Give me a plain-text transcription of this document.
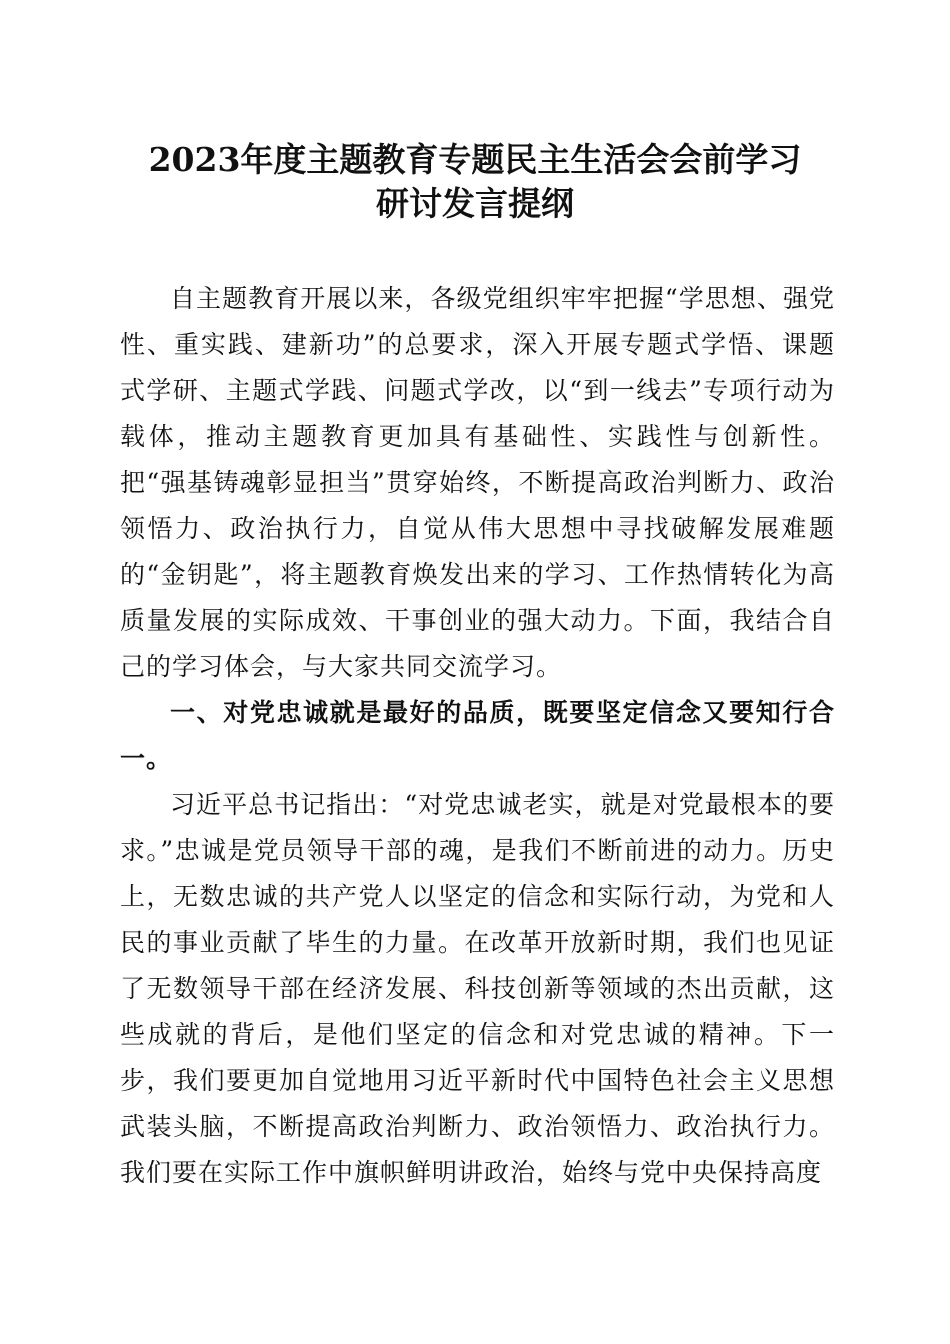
2023年度主题教育专题民主生活会会前学习
研讨发言提纲

自主题教育开展以来，各级党组织牢牢把握“学思想、强党性、重实践、建新功”的总要求，深入开展专题式学悟、课题式学研、主题式学践、问题式学改，以“到一线去”专项行动为载体，推动主题教育更加具有基础性、实践性与创新性。把“强基铸魂彰显担当”贯穿始终，不断提高政治判断力、政治领悟力、政治执行力，自觉从伟大思想中寻找破解发展难题的“金钥匙”，将主题教育焕发出来的学习、工作热情转化为高质量发展的实际成效、干事创业的强大动力。下面，我结合自己的学习体会，与大家共同交流学习。

一、对党忠诚就是最好的品质，既要坚定信念又要知行合一。

习近平总书记指出：“对党忠诚老实，就是对党最根本的要求。”忠诚是党员领导干部的魂，是我们不断前进的动力。历史上，无数忠诚的共产党人以坚定的信念和实际行动，为党和人民的事业贡献了毕生的力量。在改革开放新时期，我们也见证了无数领导干部在经济发展、科技创新等领域的杰出贡献，这些成就的背后，是他们坚定的信念和对党忠诚的精神。下一步，我们要更加自觉地用习近平新时代中国特色社会主义思想武装头脑，不断提高政治判断力、政治领悟力、政治执行力。我们要在实际工作中旗帜鲜明讲政治，始终与党中央保持高度
